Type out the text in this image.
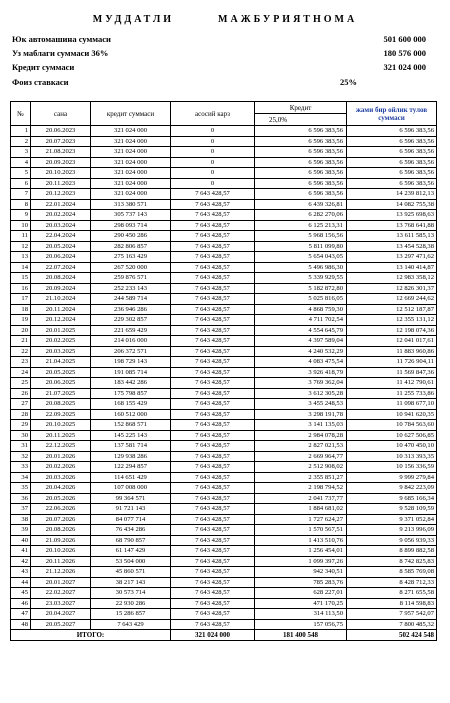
МУДДАТЛИ        МАЖБУРИЯТНОМА
Юк автомашина суммаси	501 600 000
Уз маблаги суммаси 36%	180 576 000
Кредит суммаси	321 024 000
Фоиз ставкаси	25%
№	сана	кредит суммаси	асосий карз	Кредит	жами бир ойлик тулов суммаси
				25,0%	
1	20.06.2023	321 024 000	0	6 596 383,56	6 596 383,56
2	20.07.2023	321 024 000	0	6 596 383,56	6 596 383,56
3	21.08.2023	321 024 000	0	6 596 383,56	6 596 383,56
4	20.09.2023	321 024 000	0	6 596 383,56	6 596 383,56
5	20.10.2023	321 024 000	0	6 596 383,56	6 596 383,56
6	20.11.2023	321 024 000	0	6 596 383,56	6 596 383,56
7	20.12.2023	321 024 000	7 643 428,57	6 596 383,56	14 239 812,13
8	22.01.2024	313 380 571	7 643 428,57	6 439 326,81	14 082 755,38
9	20.02.2024	305 737 143	7 643 428,57	6 282 270,06	13 925 698,63
10	20.03.2024	298 093 714	7 643 428,57	6 125 213,31	13 768 641,88
11	22.04.2024	290 450 286	7 643 428,57	5 968 156,56	13 611 585,13
12	20.05.2024	282 806 857	7 643 428,57	5 811 099,80	13 454 528,38
13	20.06.2024	275 163 429	7 643 428,57	5 654 043,05	13 297 471,62
14	22.07.2024	267 520 000	7 643 428,57	5 496 986,30	13 140 414,87
15	20.08.2024	259 876 571	7 643 428,57	5 339 929,55	12 983 358,12
16	20.09.2024	252 233 143	7 643 428,57	5 182 872,80	12 826 301,37
17	21.10.2024	244 589 714	7 643 428,57	5 025 816,05	12 669 244,62
18	20.11.2024	236 946 286	7 643 428,57	4 868 759,30	12 512 187,87
19	20.12.2024	229 302 857	7 643 428,57	4 711 702,54	12 355 131,12
20	20.01.2025	221 659 429	7 643 428,57	4 554 645,79	12 198 074,36
21	20.02.2025	214 016 000	7 643 428,57	4 397 589,04	12 041 017,61
22	20.03.2025	206 372 571	7 643 428,57	4 240 532,29	11 883 960,86
23	21.04.2025	198 729 143	7 643 428,57	4 083 475,54	11 726 904,11
24	20.05.2025	191 085 714	7 643 428,57	3 926 418,79	11 569 847,36
25	20.06.2025	183 442 286	7 643 428,57	3 769 362,04	11 412 790,61
26	21.07.2025	175 798 857	7 643 428,57	3 612 305,28	11 255 733,86
27	20.08.2025	168 155 429	7 643 428,57	3 455 248,53	11 098 677,10
28	22.09.2025	160 512 000	7 643 428,57	3 298 191,78	10 941 620,35
29	20.10.2025	152 868 571	7 643 428,57	3 141 135,03	10 784 563,60
30	20.11.2025	145 225 143	7 643 428,57	2 984 078,28	10 627 506,85
31	22.12.2025	137 581 714	7 643 428,57	2 827 021,53	10 470 450,10
32	20.01.2026	129 938 286	7 643 428,57	2 669 964,77	10 313 393,35
33	20.02.2026	122 294 857	7 643 428,57	2 512 908,02	10 156 336,59
34	20.03.2026	114 651 429	7 643 428,57	2 355 851,27	9 999 279,84
35	20.04.2026	107 008 000	7 643 428,57	2 198 794,52	9 842 223,09
36	20.05.2026	99 364 571	7 643 428,57	2 041 737,77	9 685 166,34
37	22.06.2026	91 721 143	7 643 428,57	1 884 681,02	9 528 109,59
38	20.07.2026	84 077 714	7 643 428,57	1 727 624,27	9 371 052,84
39	20.08.2026	76 434 286	7 643 428,57	1 570 567,51	9 213 996,09
40	21.09.2026	68 790 857	7 643 428,57	1 413 510,76	9 056 939,33
41	20.10.2026	61 147 429	7 643 428,57	1 256 454,01	8 899 882,58
42	20.11.2026	53 504 000	7 643 428,57	1 099 397,26	8 742 825,83
43	21.12.2026	45 860 571	7 643 428,57	942 340,51	8 585 769,08
44	20.01.2027	38 217 143	7 643 428,57	785 283,76	8 428 712,33
45	22.02.2027	30 573 714	7 643 428,57	628 227,01	8 271 655,58
46	23.03.2027	22 930 286	7 643 428,57	471 170,25	8 114 598,83
47	20.04.2027	15 286 857	7 643 428,57	314 113,50	7 957 542,07
48	20.05.2027	7 643 429	7 643 428,57	157 056,75	7 800 485,32
ИТОГО:			321 024 000	181 400 548	502 424 548
